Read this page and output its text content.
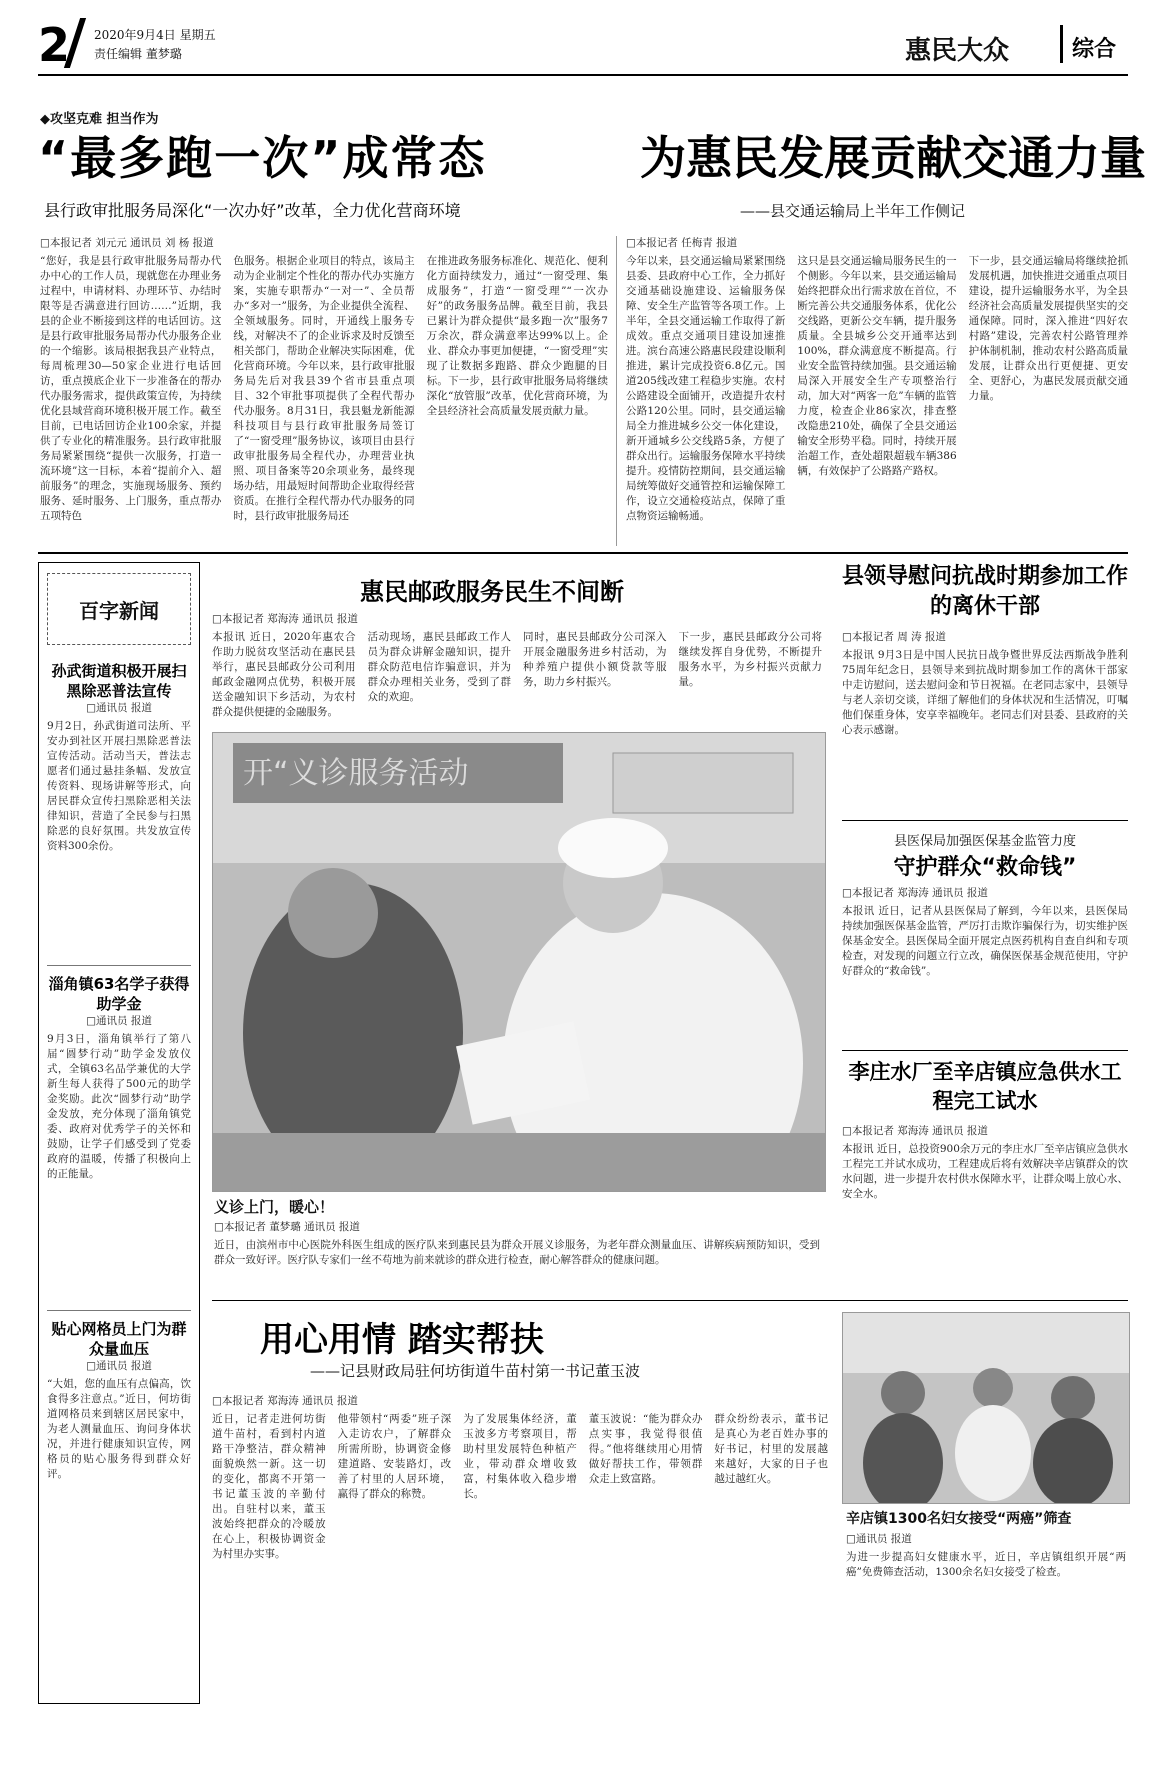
2 2020年9月4日 星期五
责任编辑 董梦璐	惠民大众	综合
◆攻坚克难 担当作为
“最多跑一次”成常态
县行政审批服务局深化“一次办好”改革，全力优化营商环境
□本报记者 刘元元 通讯员 刘 杨 报道
“您好，我是县行政审批服务局帮办代办中心的工作人员，现就您在办理业务过程中，申请材料、办理环节、办结时限等是否满意进行回访……”近期，我县的企业不断接到这样的电话回访。这是县行政审批服务局帮办代办服务企业的一个缩影。该局根据我县产业特点，每周梳理30—50家企业进行电话回访，重点摸底企业下一步准备在的帮办代办服务需求，提供政策宣传，为持续优化县域营商环境积极开展工作。截至目前，已电话回访企业100余家，并提供了专业化的精准服务。县行政审批服务局紧紧围绕“提供一次服务，打造一流环境”这一目标，本着“提前介入、超前服务”的理念，实施现场服务、预约服务、延时服务、上门服务，重点帮办五项特色
色服务。根据企业项目的特点，该局主动为企业制定个性化的帮办代办实施方案，实施专职帮办“一对一”、全员帮办“多对一”服务，为企业提供全流程、全领域服务。同时，开通线上服务专线，对解决不了的企业诉求及时反馈至相关部门，帮助企业解决实际困难，优化营商环境。今年以来，县行政审批服务局先后对我县39个省市县重点项目、32个审批事项提供了全程代帮办代办服务。8月31日，我县魁龙新能源科技项目与县行政审批服务局签订了“一窗受理”服务协议，该项目由县行政审批服务局全程代办，办理营业执照、项目备案等20余项业务，最终现场办结，用最短时间帮助企业取得经营资质。在推行全程代帮办代办服务的同时，县行政审批服务局还
在推进政务服务标准化、规范化、便利化方面持续发力，通过“一窗受理、集成服务”，打造“一窗受理”“一次办好”的政务服务品牌。截至目前，我县已累计为群众提供“最多跑一次”服务7万余次，群众满意率达99%以上。企业、群众办事更加便捷，“一窗受理”实现了让数据多跑路、群众少跑腿的目标。下一步，县行政审批服务局将继续深化“放管服”改革，优化营商环境，为全县经济社会高质量发展贡献力量。
为惠民发展贡献交通力量
——县交通运输局上半年工作侧记
□本报记者 任梅青 报道
今年以来，县交通运输局紧紧围绕县委、县政府中心工作，全力抓好交通基础设施建设、运输服务保障、安全生产监管等各项工作。上半年，全县交通运输工作取得了新成效。重点交通项目建设加速推进。滨台高速公路惠民段建设顺利推进，累计完成投资6.8亿元。国道205线改建工程稳步实施。农村公路建设全面铺开，改造提升农村公路120公里。同时，县交通运输局全力推进城乡公交一体化建设，新开通城乡公交线路5条，方便了群众出行。运输服务保障水平持续提升。疫情防控期间，县交通运输局统筹做好交通管控和运输保障工作，设立交通检疫站点，保障了重点物资运输畅通。
这只是县交通运输局服务民生的一个侧影。今年以来，县交通运输局始终把群众出行需求放在首位，不断完善公共交通服务体系，优化公交线路，更新公交车辆，提升服务质量。全县城乡公交开通率达到100%，群众满意度不断提高。行业安全监管持续加强。县交通运输局深入开展安全生产专项整治行动，加大对“两客一危”车辆的监管力度，检查企业86家次，排查整改隐患210处，确保了全县交通运输安全形势平稳。同时，持续开展治超工作，查处超限超载车辆386辆，有效保护了公路路产路权。
下一步，县交通运输局将继续抢抓发展机遇，加快推进交通重点项目建设，提升运输服务水平，为全县经济社会高质量发展提供坚实的交通保障。同时，深入推进“四好农村路”建设，完善农村公路管理养护体制机制，推动农村公路高质量发展，让群众出行更便捷、更安全、更舒心，为惠民发展贡献交通力量。
百字新闻
孙武街道积极开展扫黑除恶普法宣传
□通讯员 报道
9月2日，孙武街道司法所、平安办到社区开展扫黑除恶普法宣传活动。活动当天，普法志愿者们通过悬挂条幅、发放宣传资料、现场讲解等形式，向居民群众宣传扫黑除恶相关法律知识，营造了全民参与扫黑除恶的良好氛围。共发放宣传资料300余份。
淄角镇63名学子获得助学金
□通讯员 报道
9月3日，淄角镇举行了第八届“圆梦行动”助学金发放仪式，全镇63名品学兼优的大学新生每人获得了500元的助学金奖励。此次“圆梦行动”助学金发放，充分体现了淄角镇党委、政府对优秀学子的关怀和鼓励，让学子们感受到了党委政府的温暖，传播了积极向上的正能量。
贴心网格员上门为群众量血压
□通讯员 报道
“大姐，您的血压有点偏高，饮食得多注意点。”近日，何坊街道网格员来到辖区居民家中，为老人测量血压、询问身体状况，并进行健康知识宣传，网格员的贴心服务得到群众好评。
惠民邮政服务民生不间断
□本报记者 郑海涛 通讯员 报道
本报讯 近日，2020年惠农合作助力脱贫攻坚活动在惠民县举行，惠民县邮政分公司利用邮政金融网点优势，积极开展送金融知识下乡活动，为农村群众提供便捷的金融服务。
活动现场，惠民县邮政工作人员为群众讲解金融知识，提升群众防范电信诈骗意识，并为群众办理相关业务，受到了群众的欢迎。
同时，惠民县邮政分公司深入开展金融服务进乡村活动，为种养殖户提供小额贷款等服务，助力乡村振兴。
下一步，惠民县邮政分公司将继续发挥自身优势，不断提升服务水平，为乡村振兴贡献力量。
开“义诊服务活动
义诊上门，暖心！
□本报记者 董梦璐 通讯员 报道
近日，由滨州市中心医院外科医生组成的医疗队来到惠民县为群众开展义诊服务，为老年群众测量血压、讲解疾病预防知识，受到群众一致好评。医疗队专家们一丝不苟地为前来就诊的群众进行检查，耐心解答群众的健康问题。
县领导慰问抗战时期参加工作的离休干部
□本报记者 周 涛 报道
本报讯 9月3日是中国人民抗日战争暨世界反法西斯战争胜利75周年纪念日，县领导来到抗战时期参加工作的离休干部家中走访慰问，送去慰问金和节日祝福。在老同志家中，县领导与老人亲切交谈，详细了解他们的身体状况和生活情况，叮嘱他们保重身体，安享幸福晚年。老同志们对县委、县政府的关心表示感谢。
县医保局加强医保基金监管力度
守护群众“救命钱”
□本报记者 郑海涛 通讯员 报道
本报讯 近日，记者从县医保局了解到，今年以来，县医保局持续加强医保基金监管，严厉打击欺诈骗保行为，切实维护医保基金安全。县医保局全面开展定点医药机构自查自纠和专项检查，对发现的问题立行立改，确保医保基金规范使用，守护好群众的“救命钱”。
李庄水厂至辛店镇应急供水工程完工试水
□本报记者 郑海涛 通讯员 报道
本报讯 近日，总投资900余万元的李庄水厂至辛店镇应急供水工程完工并试水成功，工程建成后将有效解决辛店镇群众的饮水问题，进一步提升农村供水保障水平，让群众喝上放心水、安全水。
用心用情 踏实帮扶
——记县财政局驻何坊街道牛苗村第一书记董玉波
□本报记者 郑海涛 通讯员 报道
近日，记者走进何坊街道牛苗村，看到村内道路干净整洁，群众精神面貌焕然一新。这一切的变化，都离不开第一书记董玉波的辛勤付出。自驻村以来，董玉波始终把群众的冷暖放在心上，积极协调资金为村里办实事。
他带领村“两委”班子深入走访农户，了解群众所需所盼，协调资金修建道路、安装路灯，改善了村里的人居环境，赢得了群众的称赞。
为了发展集体经济，董玉波多方考察项目，帮助村里发展特色种植产业，带动群众增收致富，村集体收入稳步增长。
董玉波说：“能为群众办点实事，我觉得很值得。”他将继续用心用情做好帮扶工作，带领群众走上致富路。
群众纷纷表示，董书记是真心为老百姓办事的好书记，村里的发展越来越好，大家的日子也越过越红火。
辛店镇1300名妇女接受“两癌”筛查
□通讯员 报道
为进一步提高妇女健康水平，近日，辛店镇组织开展“两癌”免费筛查活动，1300余名妇女接受了检查。
